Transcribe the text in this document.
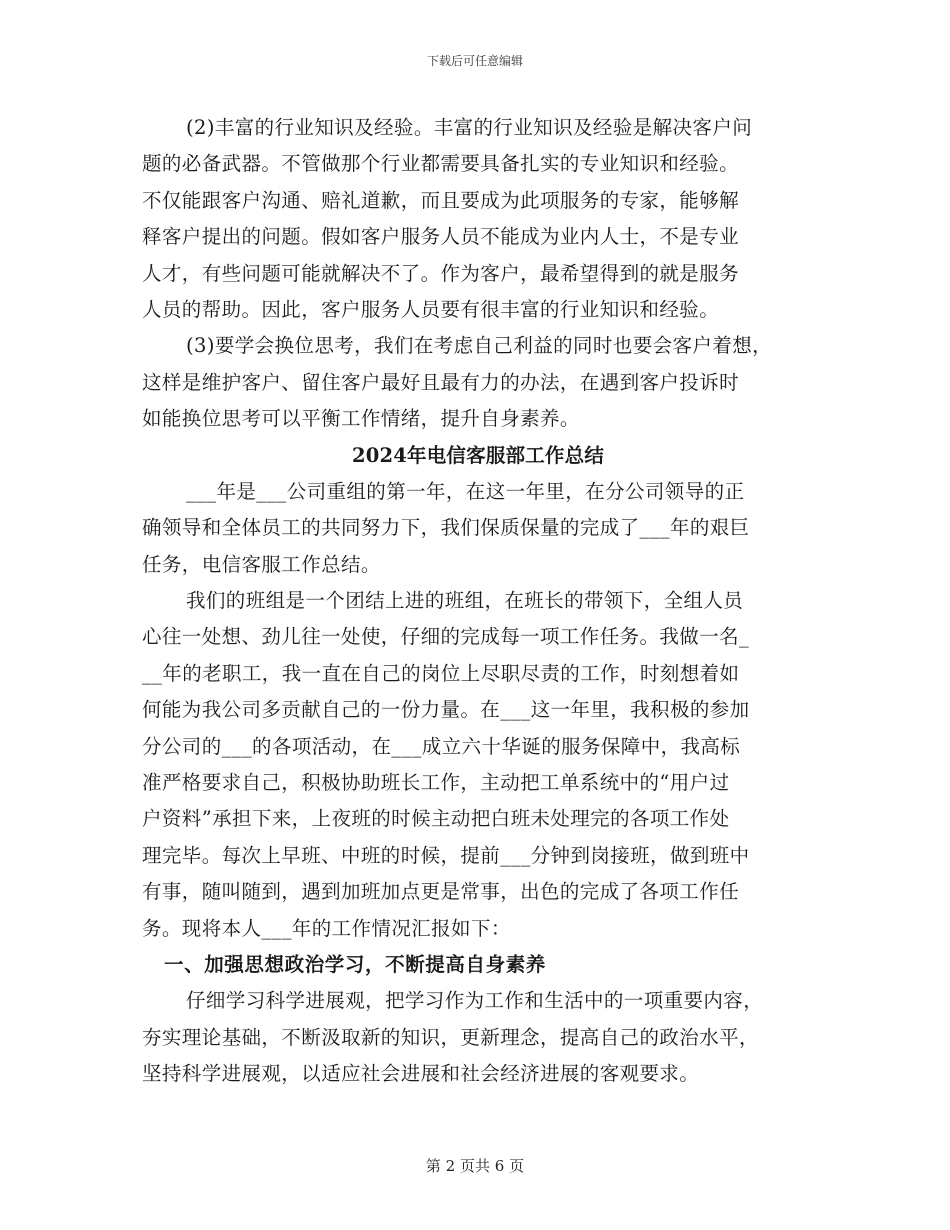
下载后可任意编辑
(2)丰富的行业知识及经验。丰富的行业知识及经验是解决客户问
题的必备武器。不管做那个行业都需要具备扎实的专业知识和经验。
不仅能跟客户沟通、赔礼道歉，而且要成为此项服务的专家，能够解
释客户提出的问题。假如客户服务人员不能成为业内人士，不是专业
人才，有些问题可能就解决不了。作为客户，最希望得到的就是服务
人员的帮助。因此，客户服务人员要有很丰富的行业知识和经验。
(3)要学会换位思考，我们在考虑自己利益的同时也要会客户着想，
这样是维护客户、留住客户最好且最有力的办法，在遇到客户投诉时
如能换位思考可以平衡工作情绪，提升自身素养。
2024年电信客服部工作总结
___年是___公司重组的第一年，在这一年里，在分公司领导的正
确领导和全体员工的共同努力下，我们保质保量的完成了___年的艰巨
任务，电信客服工作总结。
我们的班组是一个团结上进的班组，在班长的带领下，全组人员
心往一处想、劲儿往一处使，仔细的完成每一项工作任务。我做一名_
__年的老职工，我一直在自己的岗位上尽职尽责的工作，时刻想着如
何能为我公司多贡献自己的一份力量。在___这一年里，我积极的参加
分公司的___的各项活动，在___成立六十华诞的服务保障中，我高标
准严格要求自己，积极协助班长工作，主动把工单系统中的“用户过
户资料”承担下来，上夜班的时候主动把白班未处理完的各项工作处
理完毕。每次上早班、中班的时候，提前___分钟到岗接班，做到班中
有事，随叫随到，遇到加班加点更是常事，出色的完成了各项工作任
务。现将本人___年的工作情况汇报如下：
一、加强思想政治学习，不断提高自身素养
仔细学习科学进展观，把学习作为工作和生活中的一项重要内容，
夯实理论基础，不断汲取新的知识，更新理念，提高自己的政治水平，
坚持科学进展观，以适应社会进展和社会经济进展的客观要求。
第 2 页共 6 页
